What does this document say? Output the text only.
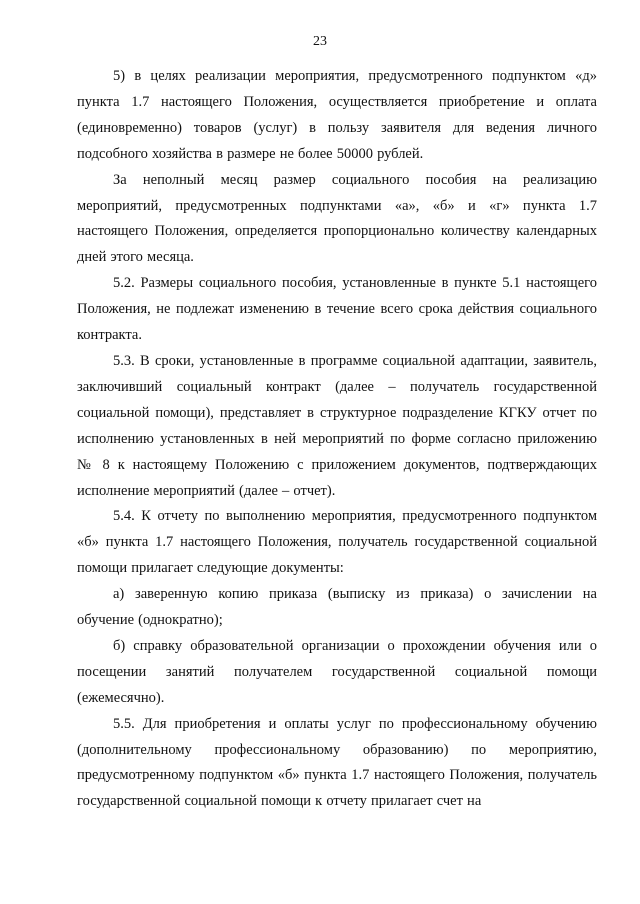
23

5) в целях реализации мероприятия, предусмотренного подпунктом «д» пункта 1.7 настоящего Положения, осуществляется приобретение и оплата (единовременно) товаров (услуг) в пользу заявителя для ведения личного подсобного хозяйства в размере не более 50000 рублей.

За неполный месяц размер социального пособия на реализацию мероприятий, предусмотренных подпунктами «а», «б» и «г» пункта 1.7 настоящего Положения, определяется пропорционально количеству календарных дней этого месяца.

5.2. Размеры социального пособия, установленные в пункте 5.1 настоящего Положения, не подлежат изменению в течение всего срока действия социального контракта.

5.3. В сроки, установленные в программе социальной адаптации, заявитель, заключивший социальный контракт (далее – получатель государственной социальной помощи), представляет в структурное подразделение КГКУ отчет по исполнению установленных в ней мероприятий по форме согласно приложению № 8 к настоящему Положению с приложением документов, подтверждающих исполнение мероприятий (далее – отчет).

5.4. К отчету по выполнению мероприятия, предусмотренного подпунктом «б» пункта 1.7 настоящего Положения, получатель государственной социальной помощи прилагает следующие документы:

а) заверенную копию приказа (выписку из приказа) о зачислении на обучение (однократно);

б) справку образовательной организации о прохождении обучения или о посещении занятий получателем государственной социальной помощи (ежемесячно).

5.5. Для приобретения и оплаты услуг по профессиональному обучению (дополнительному профессиональному образованию) по мероприятию, предусмотренному подпунктом «б» пункта 1.7 настоящего Положения, получатель государственной социальной помощи к отчету прилагает счет на
